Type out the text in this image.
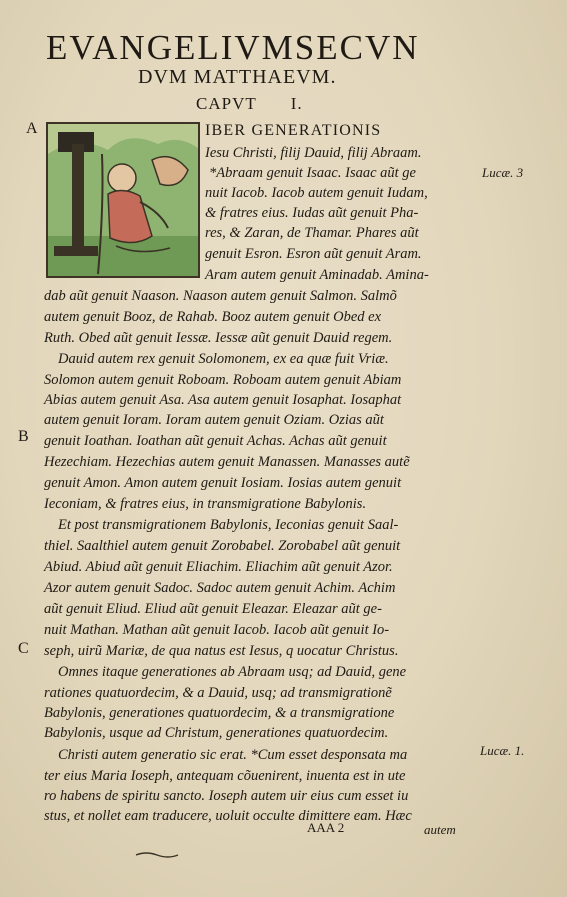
EVANGELIVMSECVN
DVM MATTHAEVM.
CAPVT I.
A
B
C
Lucæ. 3
Lucæ. 1.
IBER GENERATIONIS
Iesu Christi, filij Dauid, filij Abraam.
*Abraam genuit Isaac. Isaac aũt ge
nuit Iacob. Iacob autem genuit Iudam,
& fratres eius. Iudas aũt genuit Pha-
res, & Zaran, de Thamar. Phares aũt
genuit Esron. Esron aũt genuit Aram.
Aram autem genuit Aminadab. Amina-
dab aũt genuit Naason. Naason autem genuit Salmon. Salmõ
autem genuit Booz, de Rahab. Booz autem genuit Obed ex
Ruth. Obed aũt genuit Iessæ. Iessæ aũt genuit Dauid regem.
Dauid autem rex genuit Solomonem, ex ea quæ fuit Vriæ.
Solomon autem genuit Roboam. Roboam autem genuit Abiam
Abias autem genuit Asa. Asa autem genuit Iosaphat. Iosaphat
autem genuit Ioram. Ioram autem genuit Oziam. Ozias aũt
genuit Ioathan. Ioathan aũt genuit Achas. Achas aũt genuit
Hezechiam. Hezechias autem genuit Manassen. Manasses autẽ
genuit Amon. Amon autem genuit Iosiam. Iosias autem genuit
Ieconiam, & fratres eius, in transmigratione Babylonis.
Et post transmigrationem Babylonis, Ieconias genuit Saal-
thiel. Saalthiel autem genuit Zorobabel. Zorobabel aũt genuit
Abiud. Abiud aũt genuit Eliachim. Eliachim aũt genuit Azor.
Azor autem genuit Sadoc. Sadoc autem genuit Achim. Achim
aũt genuit Eliud. Eliud aũt genuit Eleazar. Eleazar aũt ge-
nuit Mathan. Mathan aũt genuit Iacob. Iacob aũt genuit Io-
seph, uirũ Mariæ, de qua natus est Iesus, q uocatur Christus.
Omnes itaque generationes ab Abraam usq; ad Dauid, gene
rationes quatuordecim, & a Dauid, usq; ad transmigrationẽ
Babylonis, generationes quatuordecim, & a transmigratione
Babylonis, usque ad Christum, generationes quatuordecim.
Christi autem generatio sic erat. *Cum esset desponsata ma
ter eius Maria Ioseph, antequam cõuenirent, inuenta est in ute
ro habens de spiritu sancto. Ioseph autem uir eius cum esset iu
stus, et nollet eam traducere, uoluit occulte dimittere eam. Hæc
AAA 2	autem
